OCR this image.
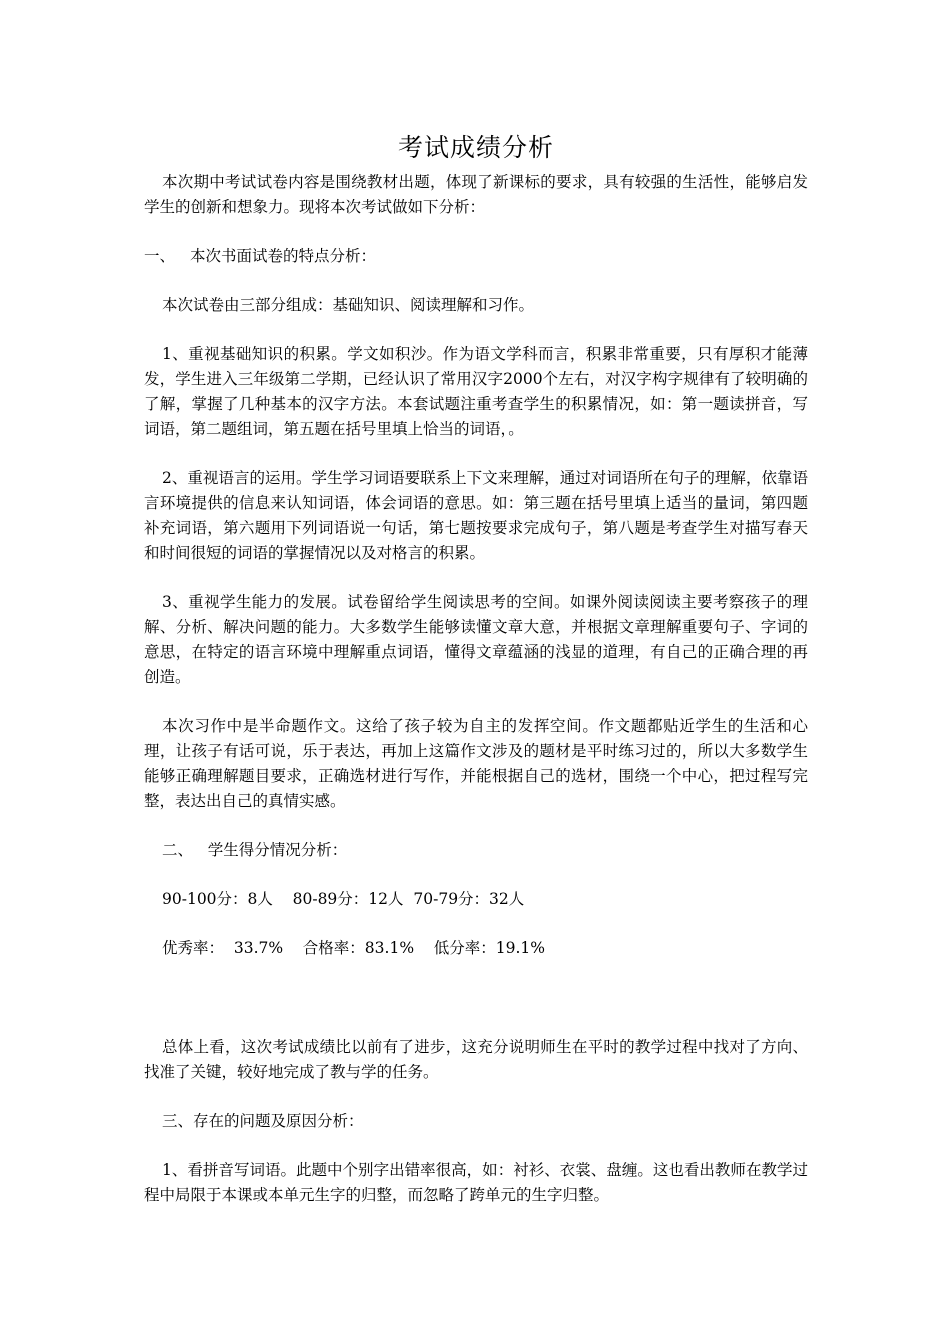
考试成绩分析

本次期中考试试卷内容是围绕教材出题，体现了新课标的要求，具有较强的生活性，能够启发学生的创新和想象力。现将本次考试做如下分析：

一、 本次书面试卷的特点分析：

本次试卷由三部分组成：基础知识、阅读理解和习作。

1、重视基础知识的积累。学文如积沙。作为语文学科而言，积累非常重要，只有厚积才能薄发，学生进入三年级第二学期，已经认识了常用汉字2000个左右，对汉字构字规律有了较明确的了解，掌握了几种基本的汉字方法。本套试题注重考查学生的积累情况，如：第一题读拼音，写词语，第二题组词，第五题在括号里填上恰当的词语，。

2、重视语言的运用。学生学习词语要联系上下文来理解，通过对词语所在句子的理解，依靠语言环境提供的信息来认知词语，体会词语的意思。如：第三题在括号里填上适当的量词，第四题补充词语，第六题用下列词语说一句话，第七题按要求完成句子，第八题是考查学生对描写春天和时间很短的词语的掌握情况以及对格言的积累。

3、重视学生能力的发展。试卷留给学生阅读思考的空间。如课外阅读阅读主要考察孩子的理解、分析、解决问题的能力。大多数学生能够读懂文章大意，并根据文章理解重要句子、字词的意思，在特定的语言环境中理解重点词语，懂得文章蕴涵的浅显的道理，有自己的正确合理的再创造。

本次习作中是半命题作文。这给了孩子较为自主的发挥空间。作文题都贴近学生的生活和心理，让孩子有话可说，乐于表达，再加上这篇作文涉及的题材是平时练习过的，所以大多数学生能够正确理解题目要求，正确选材进行写作，并能根据自己的选材，围绕一个中心，把过程写完整，表达出自己的真情实感。

二、   学生得分情况分析：

90-100分：8人    80-89分：12人  70-79分：32人

优秀率：  33.7%    合格率：83.1%    低分率：19.1%

总体上看，这次考试成绩比以前有了进步，这充分说明师生在平时的教学过程中找对了方向、找准了关键，较好地完成了教与学的任务。

三、存在的问题及原因分析：

1、看拼音写词语。此题中个别字出错率很高，如：衬衫、衣裳、盘缠。这也看出教师在教学过程中局限于本课或本单元生字的归整，而忽略了跨单元的生字归整。
